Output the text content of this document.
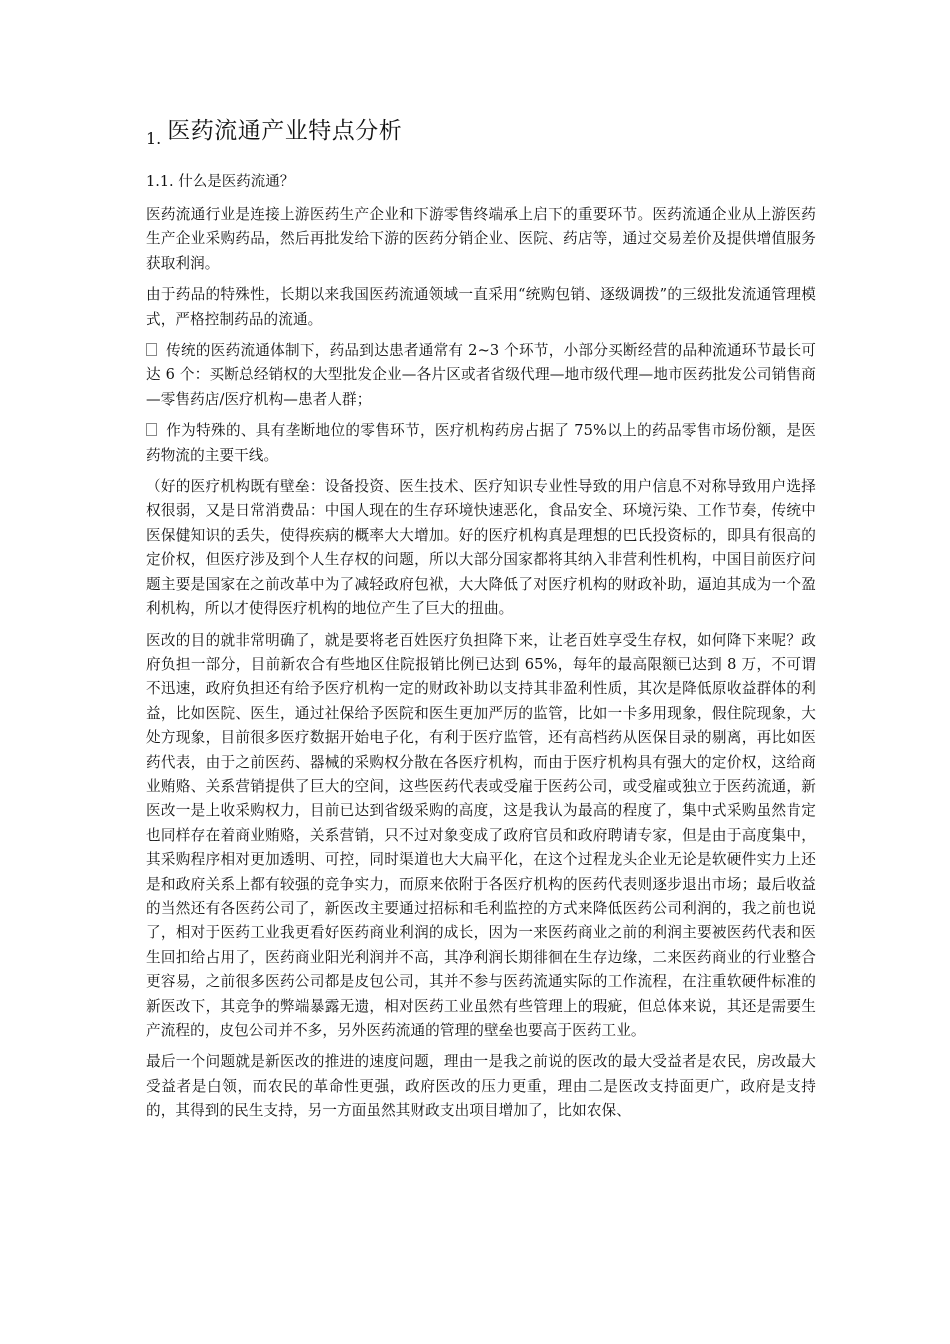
1. 医药流通产业特点分析
1.1. 什么是医药流通？

医药流通行业是连接上游医药生产企业和下游零售终端承上启下的重要环节。医药流通企业从上游医药生产企业采购药品，然后再批发给下游的医药分销企业、医院、药店等，通过交易差价及提供增值服务获取利润。

由于药品的特殊性，长期以来我国医药流通领域一直采用“统购包销、逐级调拨”的三级批发流通管理模式，严格控制药品的流通。

传统的医药流通体制下，药品到达患者通常有 2~3 个环节，小部分买断经营的品种流通环节最长可达 6 个：买断总经销权的大型批发企业—各片区或者省级代理—地市级代理—地市医药批发公司销售商—零售药店/医疗机构—患者人群；

作为特殊的、具有垄断地位的零售环节，医疗机构药房占据了 75%以上的药品零售市场份额，是医药物流的主要干线。

（好的医疗机构既有壁垒：设备投资、医生技术、医疗知识专业性导致的用户信息不对称导致用户选择权很弱，又是日常消费品：中国人现在的生存环境快速恶化，食品安全、环境污染、工作节奏，传统中医保健知识的丢失，使得疾病的概率大大增加。好的医疗机构真是理想的巴氏投资标的，即具有很高的定价权，但医疗涉及到个人生存权的问题，所以大部分国家都将其纳入非营利性机构，中国目前医疗问题主要是国家在之前改革中为了减轻政府包袱，大大降低了对医疗机构的财政补助，逼迫其成为一个盈利机构，所以才使得医疗机构的地位产生了巨大的扭曲。

医改的目的就非常明确了，就是要将老百姓医疗负担降下来，让老百姓享受生存权，如何降下来呢？政府负担一部分，目前新农合有些地区住院报销比例已达到 65%，每年的最高限额已达到 8 万，不可谓不迅速，政府负担还有给予医疗机构一定的财政补助以支持其非盈利性质，其次是降低原收益群体的利益，比如医院、医生，通过社保给予医院和医生更加严厉的监管，比如一卡多用现象，假住院现象，大处方现象，目前很多医疗数据开始电子化，有利于医疗监管，还有高档药从医保目录的剔离，再比如医药代表，由于之前医药、器械的采购权分散在各医疗机构，而由于医疗机构具有强大的定价权，这给商业贿赂、关系营销提供了巨大的空间，这些医药代表或受雇于医药公司，或受雇或独立于医药流通，新医改一是上收采购权力，目前已达到省级采购的高度，这是我认为最高的程度了，集中式采购虽然肯定也同样存在着商业贿赂，关系营销，只不过对象变成了政府官员和政府聘请专家，但是由于高度集中，其采购程序相对更加透明、可控，同时渠道也大大扁平化，在这个过程龙头企业无论是软硬件实力上还是和政府关系上都有较强的竞争实力，而原来依附于各医疗机构的医药代表则逐步退出市场；最后收益的当然还有各医药公司了，新医改主要通过招标和毛利监控的方式来降低医药公司利润的，我之前也说了，相对于医药工业我更看好医药商业利润的成长，因为一来医药商业之前的利润主要被医药代表和医生回扣给占用了，医药商业阳光利润并不高，其净利润长期徘徊在生存边缘，二来医药商业的行业整合更容易，之前很多医药公司都是皮包公司，其并不参与医药流通实际的工作流程，在注重软硬件标准的新医改下，其竞争的弊端暴露无遗，相对医药工业虽然有些管理上的瑕疵，但总体来说，其还是需要生产流程的，皮包公司并不多，另外医药流通的管理的壁垒也要高于医药工业。

最后一个问题就是新医改的推进的速度问题，理由一是我之前说的医改的最大受益者是农民，房改最大受益者是白领，而农民的革命性更强，政府医改的压力更重，理由二是医改支持面更广，政府是支持的，其得到的民生支持，另一方面虽然其财政支出项目增加了，比如农保、
